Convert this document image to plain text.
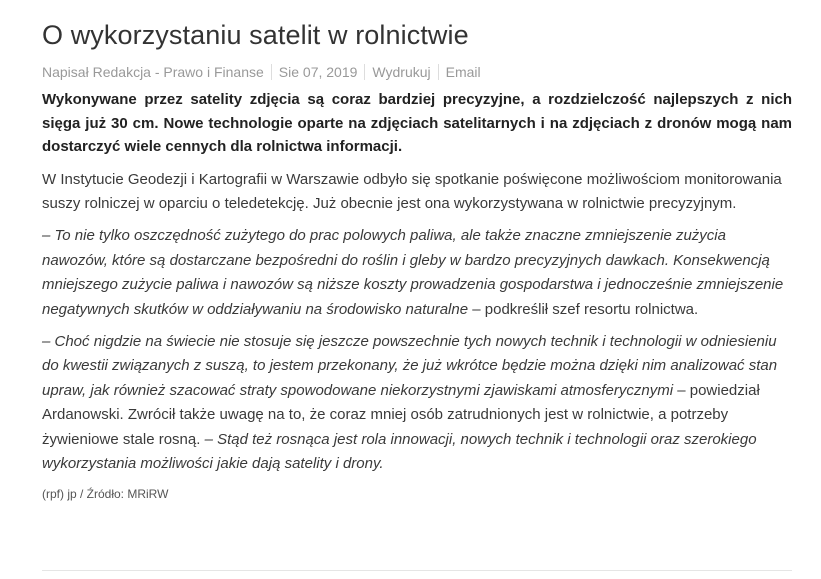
O wykorzystaniu satelit w rolnictwie
Napisał Redakcja - Prawo i Finanse	Sie 07, 2019	Wydrukuj	Email

Wykonywane przez satelity zdjęcia są coraz bardziej precyzyjne, a rozdzielczość najlepszych z nich sięga już 30 cm. Nowe technologie oparte na zdjęciach satelitarnych i na zdjęciach z dronów mogą nam dostarczyć wiele cennych dla rolnictwa informacji.

W Instytucie Geodezji i Kartografii w Warszawie odbyło się spotkanie poświęcone możliwościom monitorowania suszy rolniczej w oparciu o teledetekcję. Już obecnie jest ona wykorzystywana w rolnictwie precyzyjnym.

– To nie tylko oszczędność zużytego do prac polowych paliwa, ale także znaczne zmniejszenie zużycia nawozów, które są dostarczane bezpośredni do roślin i gleby w bardzo precyzyjnych dawkach. Konsekwencją mniejszego zużycie paliwa i nawozów są niższe koszty prowadzenia gospodarstwa i jednocześnie zmniejszenie negatywnych skutków w oddziaływaniu na środowisko naturalne – podkreślił szef resortu rolnictwa.

– Choć nigdzie na świecie nie stosuje się jeszcze powszechnie tych nowych technik i technologii w odniesieniu do kwestii związanych z suszą, to jestem przekonany, że już wkrótce będzie można dzięki nim analizować stan upraw, jak również szacować straty spowodowane niekorzystnymi zjawiskami atmosferycznymi – powiedział Ardanowski. Zwrócił także uwagę na to, że coraz mniej osób zatrudnionych jest w rolnictwie, a potrzeby żywieniowe stale rosną. – Stąd też rosnąca jest rola innowacji, nowych technik i technologii oraz szerokiego wykorzystania możliwości jakie dają satelity i drony.

(rpf) jp / Źródło: MRiRW
